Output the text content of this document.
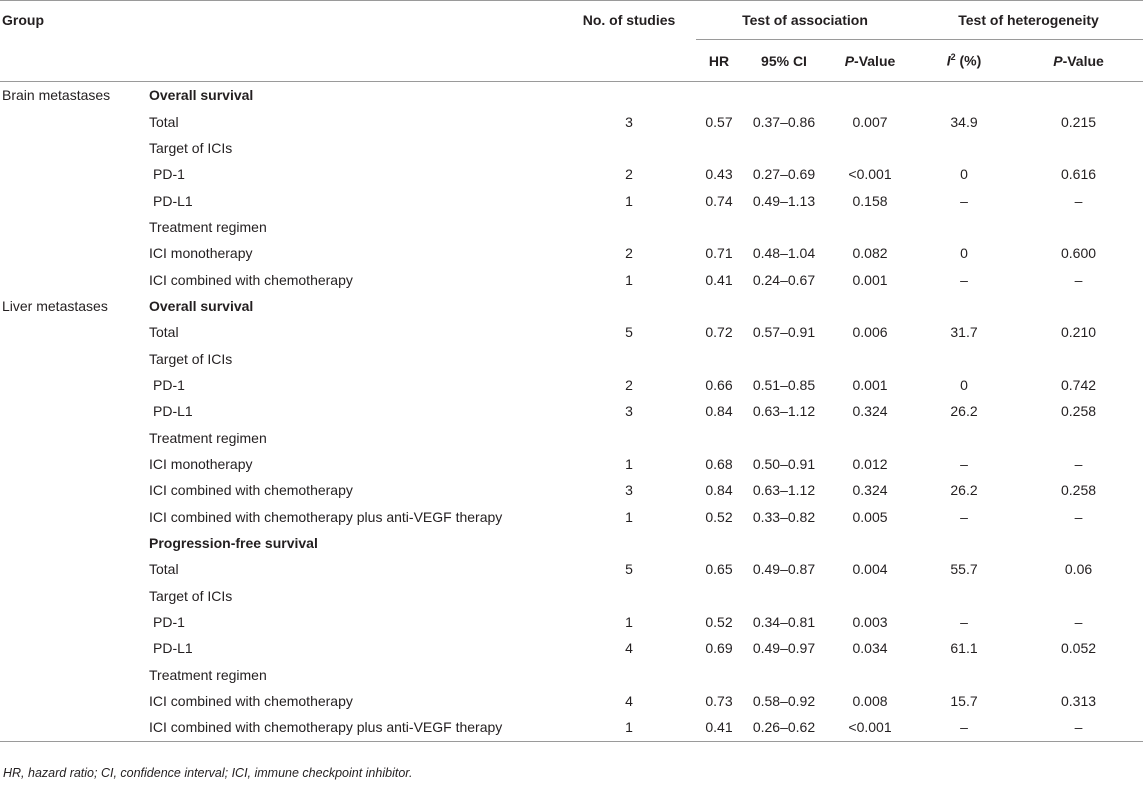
Group		No. of studies	Test of association			Test of heterogeneity	
			HR	95% CI	P-Value	$I^2$ (%)	P-Value
Brain metastases	Overall survival						
	Total	3	0.57	0.37–0.86	0.007	34.9	0.215
	Target of ICIs						
	PD-1	2	0.43	0.27–0.69	<0.001	0	0.616
	PD-L1	1	0.74	0.49–1.13	0.158	–	–
	Treatment regimen						
	ICI monotherapy	2	0.71	0.48–1.04	0.082	0	0.600
	ICI combined with chemotherapy	1	0.41	0.24–0.67	0.001	–	–
Liver metastases	Overall survival						
	Total	5	0.72	0.57–0.91	0.006	31.7	0.210
	Target of ICIs						
	PD-1	2	0.66	0.51–0.85	0.001	0	0.742
	PD-L1	3	0.84	0.63–1.12	0.324	26.2	0.258
	Treatment regimen						
	ICI monotherapy	1	0.68	0.50–0.91	0.012	–	–
	ICI combined with chemotherapy	3	0.84	0.63–1.12	0.324	26.2	0.258
	ICI combined with chemotherapy plus anti-VEGF therapy	1	0.52	0.33–0.82	0.005	–	–
	Progression-free survival						
	Total	5	0.65	0.49–0.87	0.004	55.7	0.06
	Target of ICIs						
	PD-1	1	0.52	0.34–0.81	0.003	–	–
	PD-L1	4	0.69	0.49–0.97	0.034	61.1	0.052
	Treatment regimen						
	ICI combined with chemotherapy	4	0.73	0.58–0.92	0.008	15.7	0.313
	ICI combined with chemotherapy plus anti-VEGF therapy	1	0.41	0.26–0.62	<0.001	–	–
HR, hazard ratio; CI, confidence interval; ICI, immune checkpoint inhibitor.
